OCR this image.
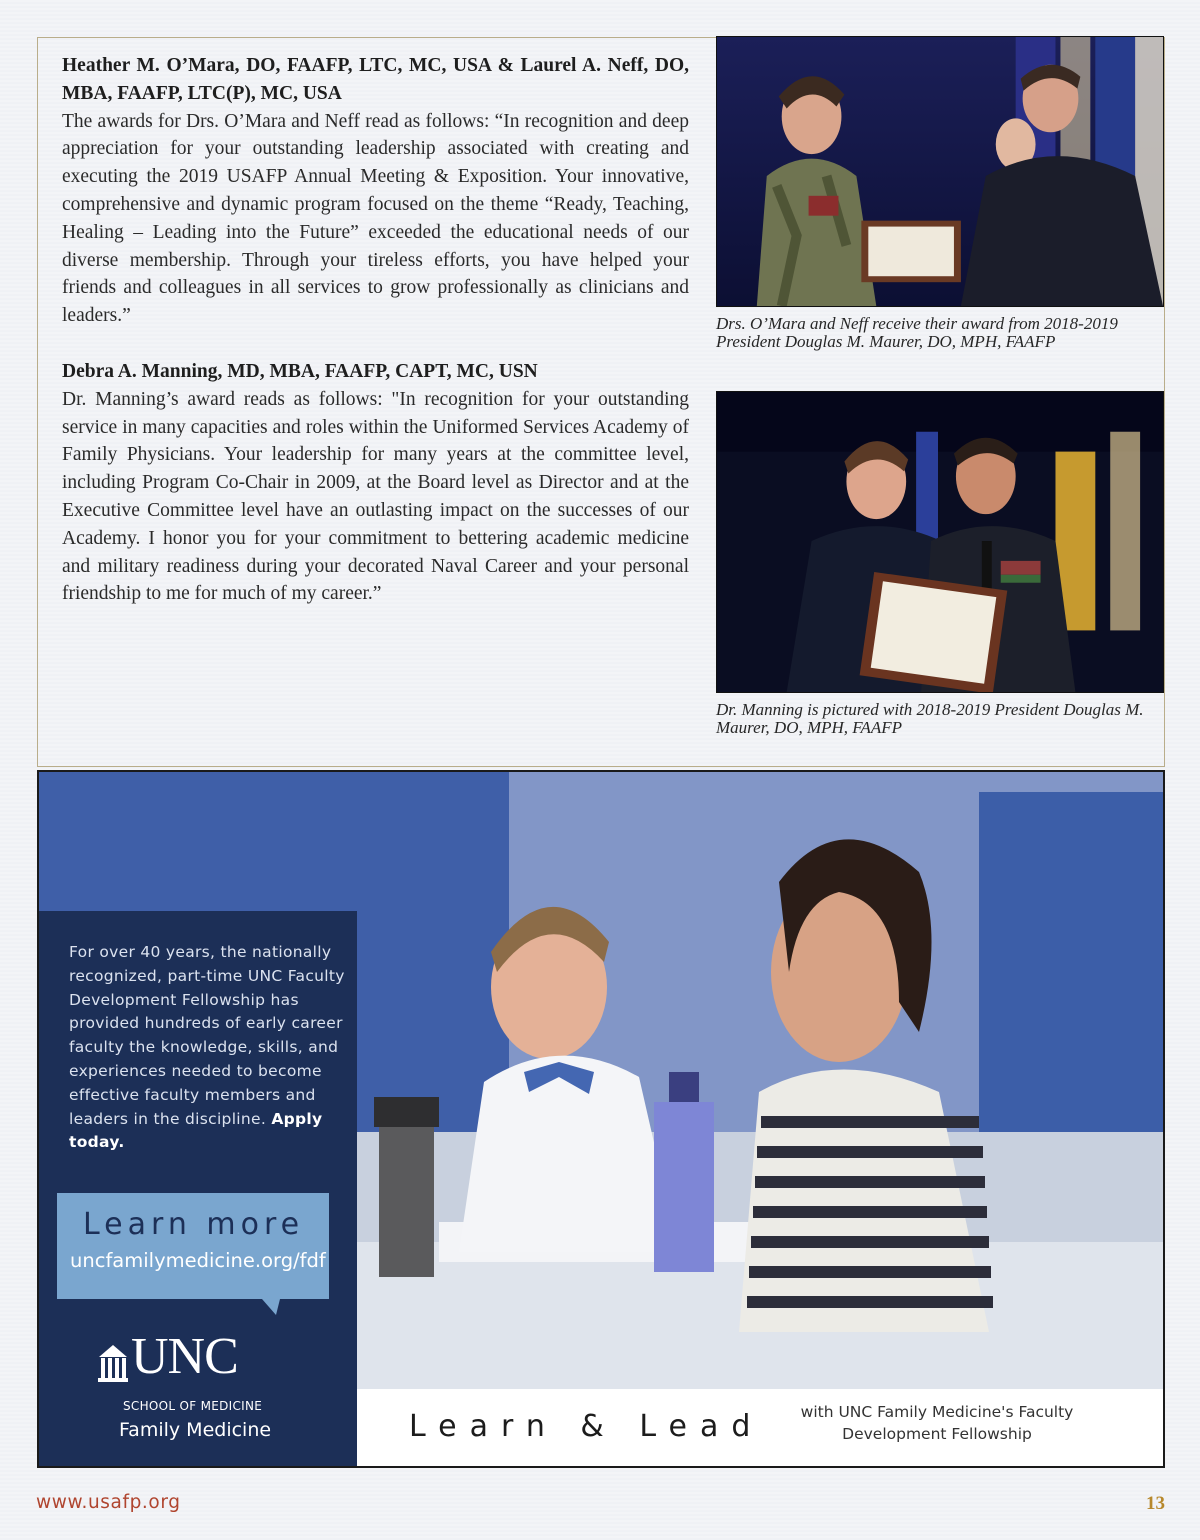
Heather M. O’Mara, DO, FAAFP, LTC, MC, USA & Laurel A. Neff, DO, MBA, FAAFP, LTC(P), MC, USA

The awards for Drs. O’Mara and Neff read as follows: “In recognition and deep appreciation for your outstanding leadership associated with creating and executing the 2019 USAFP Annual Meeting & Exposition. Your innovative, comprehensive and dynamic program focused on the theme “Ready, Teaching, Healing – Leading into the Future” exceeded the educational needs of our diverse membership. Through your tireless efforts, you have helped your friends and colleagues in all services to grow professionally as clinicians and leaders.”

Debra A. Manning, MD, MBA, FAAFP, CAPT, MC, USN

Dr. Manning’s award reads as follows: "In recognition for your outstanding service in many capacities and roles within the Uniformed Services Academy of Family Physicians. Your leadership for many years at the committee level, including Program Co-Chair in 2009, at the Board level as Director and at the Executive Committee level have an outlasting impact on the successes of our Academy. I honor you for your commitment to bettering academic medicine and military readiness during your decorated Naval Career and your personal friendship to me for much of my career.”

Drs. O’Mara and Neff receive their award from 2018-2019 President Douglas M. Maurer, DO, MPH, FAAFP
Dr. Manning is pictured with 2018-2019 President Douglas M. Maurer, DO, MPH, FAAFP
For over 40 years, the nationally recognized, part-time UNC Faculty Development Fellowship has provided hundreds of early career faculty the knowledge, skills, and experiences needed to become effective faculty members and leaders in the discipline. Apply today.
Learn more
uncfamilymedicine.org/fdf
UNC
SCHOOL OF MEDICINE
Family Medicine	Learn & Lead	with UNC Family Medicine's Faculty Development Fellowship
www.usafp.org	13
